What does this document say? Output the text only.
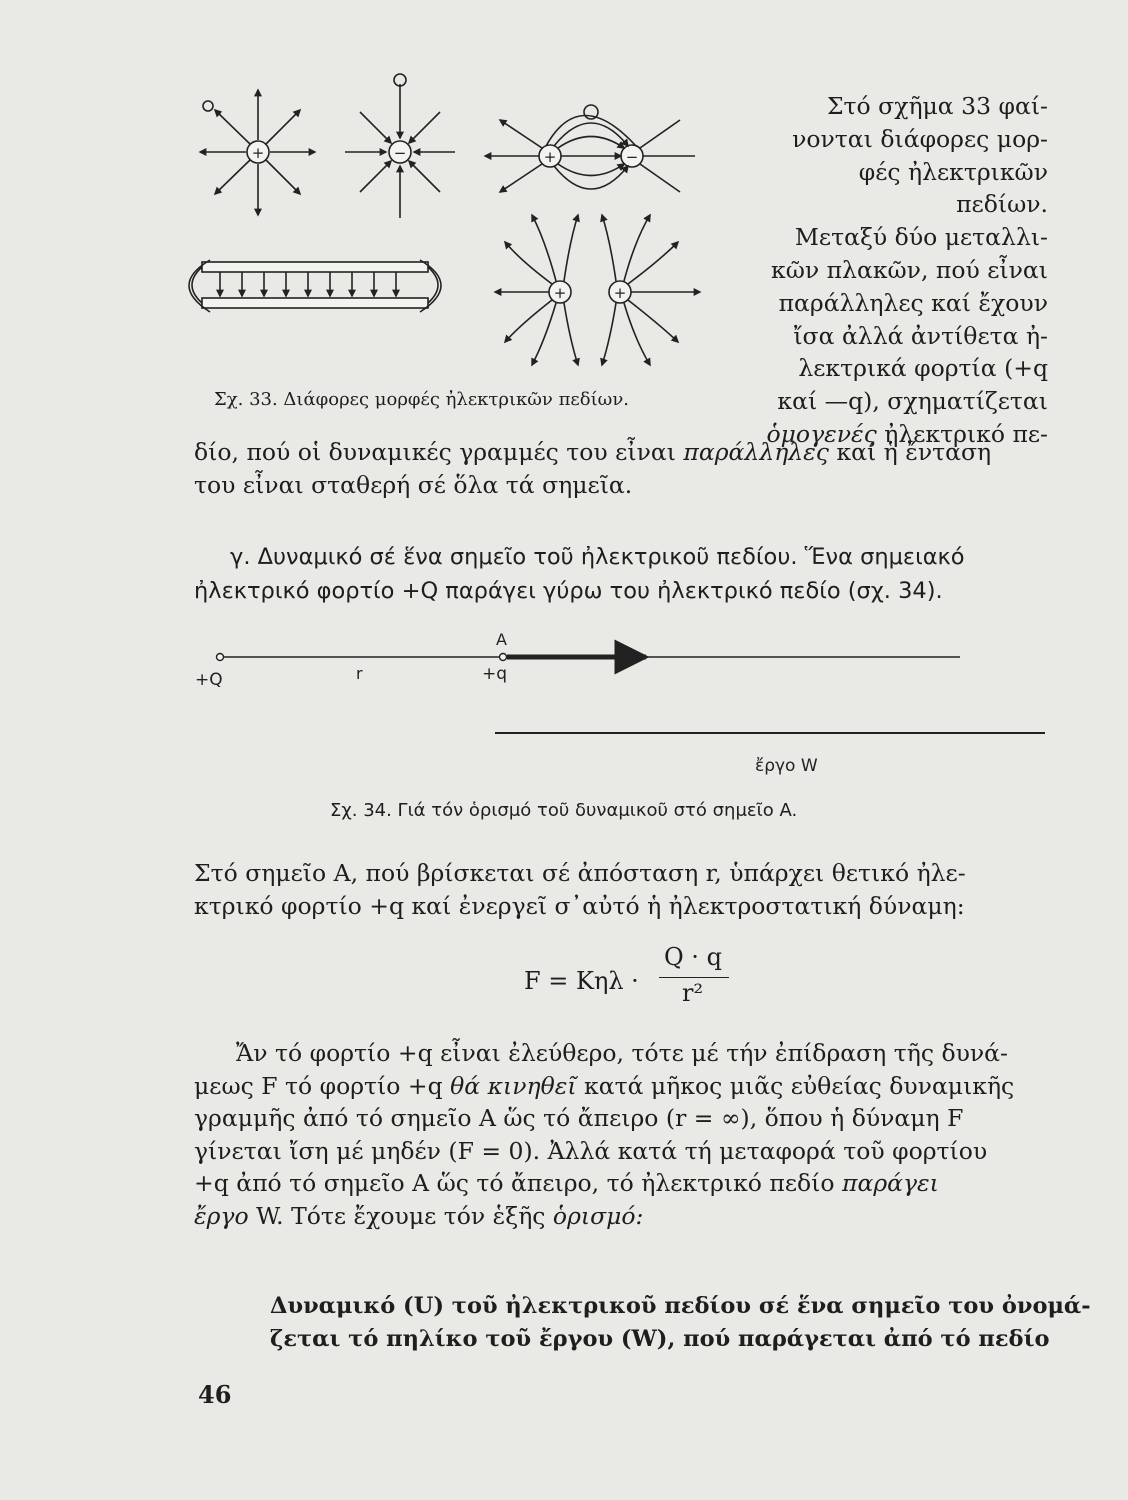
+	−	+	−
+	+
Σχ. 33. Διάφορες μορφές ἠλεκτρικῶν πεδίων.
Στό σχῆμα 33 φαί-
νονται διάφορες μορ-
φές ἠλεκτρικῶν πεδίων.
Μεταξύ δύο μεταλλι-
κῶν πλακῶν, πού εἶναι
παράλληλες καί ἔχουν
ἴσα ἀλλά ἀντίθετα ἠ-
λεκτρικά φορτία (+q
καί —q), σχηματίζεται
ὁμογενές ἠλεκτρικό πε-
δίο, πού οἱ δυναμικές γραμμές του εἶναι παράλληλες καί ἡ ἔνταση
του εἶναι σταθερή σέ ὅλα τά σημεῖα.
γ. Δυναμικό σέ ἕνα σημεῖο τοῦ ἠλεκτρικοῦ πεδίου. Ἕνα σημειακό
ἠλεκτρικό φορτίο +Q παράγει γύρω του ἠλεκτρικό πεδίο (σχ. 34).
A
+Q	r	+q
ἔργο W
Σχ. 34. Γιά τόν ὁρισμό τοῦ δυναμικοῦ στό σημεῖο A.
Στό σημεῖο A, πού βρίσκεται σέ ἀπόσταση r, ὑπάρχει θετικό ἠλε-
κτρικό φορτίο +q καί ἐνεργεῖ σ᾽αὐτό ἡ ἠλεκτροστατική δύναμη:
F = Kηλ ·
Q · q
r²
Ἄν τό φορτίο +q εἶναι ἐλεύθερο, τότε μέ τήν ἐπίδραση τῆς δυνά-
μεως F τό φορτίο +q θά κινηθεῖ κατά μῆκος μιᾶς εὐθείας δυναμικῆς
γραμμῆς ἀπό τό σημεῖο A ὥς τό ἄπειρο (r = ∞), ὅπου ἡ δύναμη F
γίνεται ἴση μέ μηδέν (F = 0). Ἀλλά κατά τή μεταφορά τοῦ φορτίου
+q ἀπό τό σημεῖο A ὥς τό ἄπειρο, τό ἠλεκτρικό πεδίο παράγει
ἔργο W. Τότε ἔχουμε τόν ἑξῆς ὁρισμό:
Δυναμικό (U) τοῦ ἠλεκτρικοῦ πεδίου σέ ἕνα σημεῖο του ὀνομά-
ζεται τό πηλίκο τοῦ ἔργου (W), πού παράγεται ἀπό τό πεδίο
46
